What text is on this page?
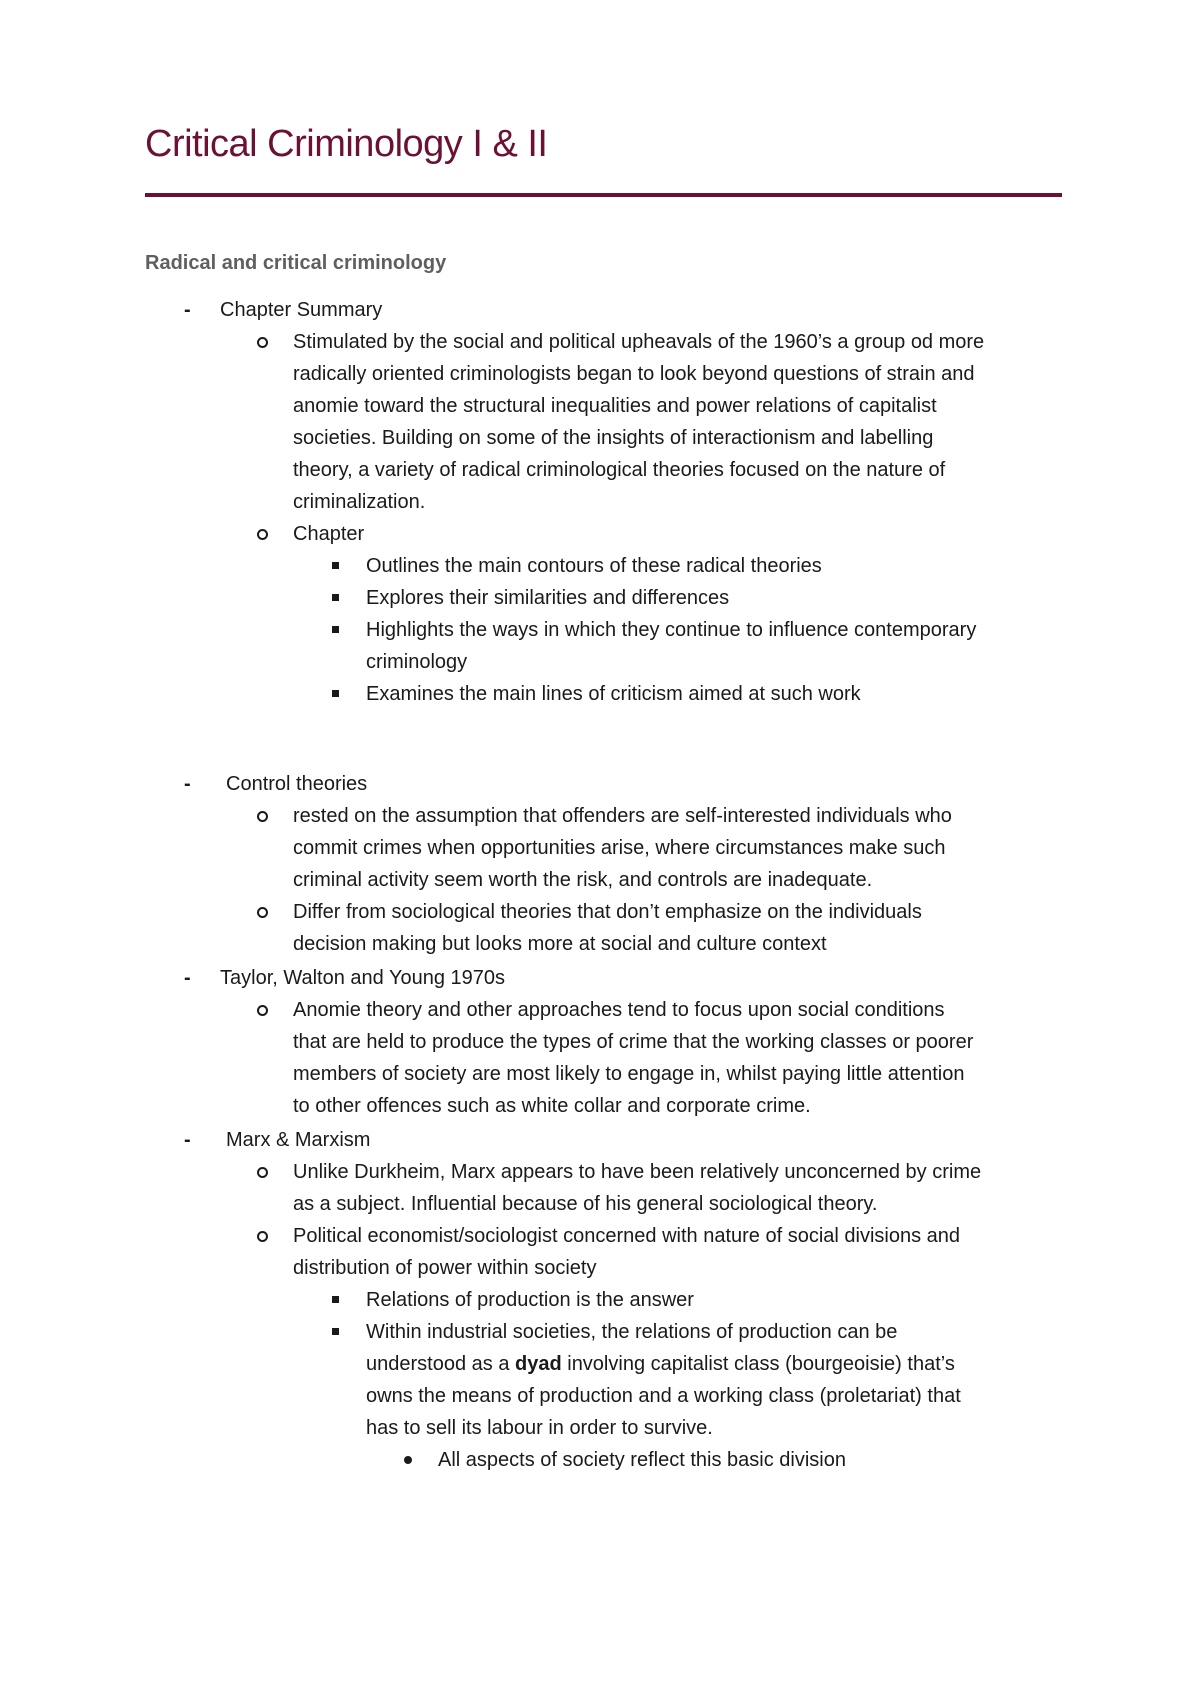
Critical Criminology I & II
Radical and critical criminology
- Chapter Summary
Stimulated by the social and political upheavals of the 1960’s a group od more
radically oriented criminologists began to look beyond questions of strain and
anomie toward the structural inequalities and power relations of capitalist
societies. Building on some of the insights of interactionism and labelling
theory, a variety of radical criminological theories focused on the nature of
criminalization.
Chapter
Outlines the main contours of these radical theories
Explores their similarities and differences
Highlights the ways in which they continue to influence contemporary
criminology
Examines the main lines of criticism aimed at such work
- Control theories
rested on the assumption that offenders are self-interested individuals who
commit crimes when opportunities arise, where circumstances make such
criminal activity seem worth the risk, and controls are inadequate.
Differ from sociological theories that don’t emphasize on the individuals
decision making but looks more at social and culture context
- Taylor, Walton and Young 1970s
Anomie theory and other approaches tend to focus upon social conditions
that are held to produce the types of crime that the working classes or poorer
members of society are most likely to engage in, whilst paying little attention
to other offences such as white collar and corporate crime.
- Marx & Marxism
Unlike Durkheim, Marx appears to have been relatively unconcerned by crime
as a subject. Influential because of his general sociological theory.
Political economist/sociologist concerned with nature of social divisions and
distribution of power within society
Relations of production is the answer
Within industrial societies, the relations of production can be
understood as a dyad involving capitalist class (bourgeoisie) that’s
owns the means of production and a working class (proletariat) that
has to sell its labour in order to survive.
All aspects of society reflect this basic division
